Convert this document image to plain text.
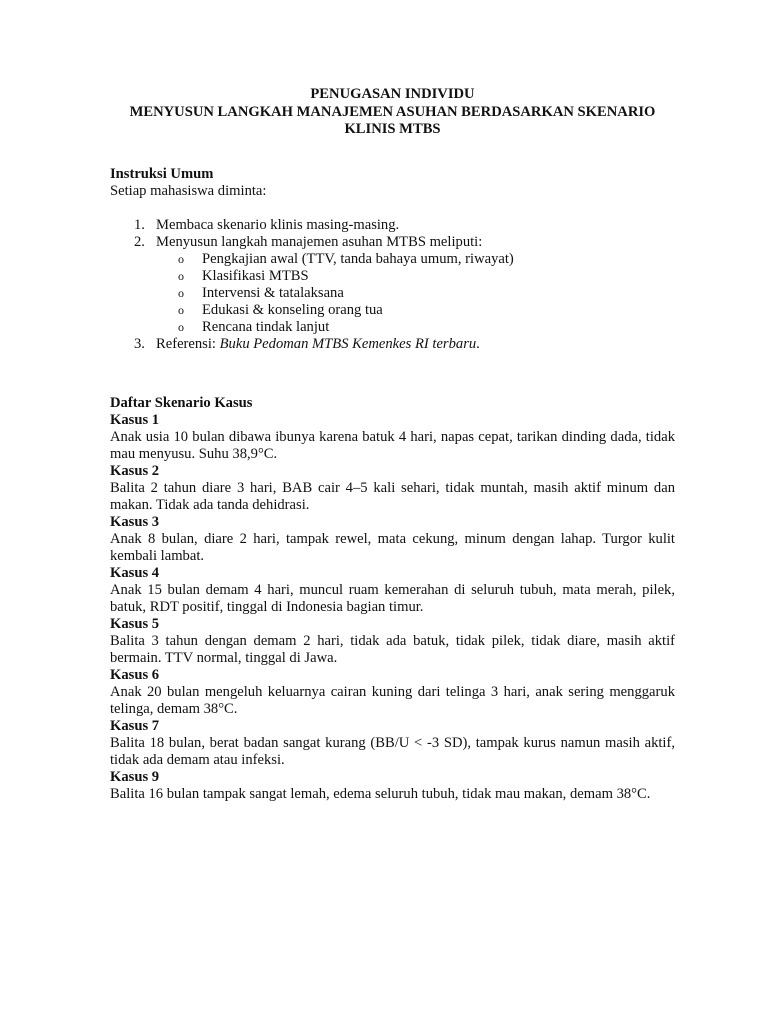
PENUGASAN INDIVIDU
MENYUSUN LANGKAH MANAJEMEN ASUHAN BERDASARKAN SKENARIO
KLINIS MTBS
Instruksi Umum

Setiap mahasiswa diminta:

1. Membaca skenario klinis masing-masing.
2. Menyusun langkah manajemen asuhan MTBS meliputi:
o Pengkajian awal (TTV, tanda bahaya umum, riwayat)
o Klasifikasi MTBS
o Intervensi & tatalaksana
o Edukasi & konseling orang tua
o Rencana tindak lanjut
3. Referensi: Buku Pedoman MTBS Kemenkes RI terbaru.
Daftar Skenario Kasus
Kasus 1

Anak usia 10 bulan dibawa ibunya karena batuk 4 hari, napas cepat, tarikan dinding dada, tidak mau menyusu. Suhu 38,9°C.

Kasus 2

Balita 2 tahun diare 3 hari, BAB cair 4–5 kali sehari, tidak muntah, masih aktif minum dan makan. Tidak ada tanda dehidrasi.

Kasus 3

Anak 8 bulan, diare 2 hari, tampak rewel, mata cekung, minum dengan lahap. Turgor kulit kembali lambat.

Kasus 4

Anak 15 bulan demam 4 hari, muncul ruam kemerahan di seluruh tubuh, mata merah, pilek, batuk, RDT positif, tinggal di Indonesia bagian timur.

Kasus 5

Balita 3 tahun dengan demam 2 hari, tidak ada batuk, tidak pilek, tidak diare, masih aktif bermain. TTV normal, tinggal di Jawa.

Kasus 6

Anak 20 bulan mengeluh keluarnya cairan kuning dari telinga 3 hari, anak sering menggaruk telinga, demam 38°C.

Kasus 7

Balita 18 bulan, berat badan sangat kurang (BB/U < -3 SD), tampak kurus namun masih aktif, tidak ada demam atau infeksi.

Kasus 9

Balita 16 bulan tampak sangat lemah, edema seluruh tubuh, tidak mau makan, demam 38°C.
